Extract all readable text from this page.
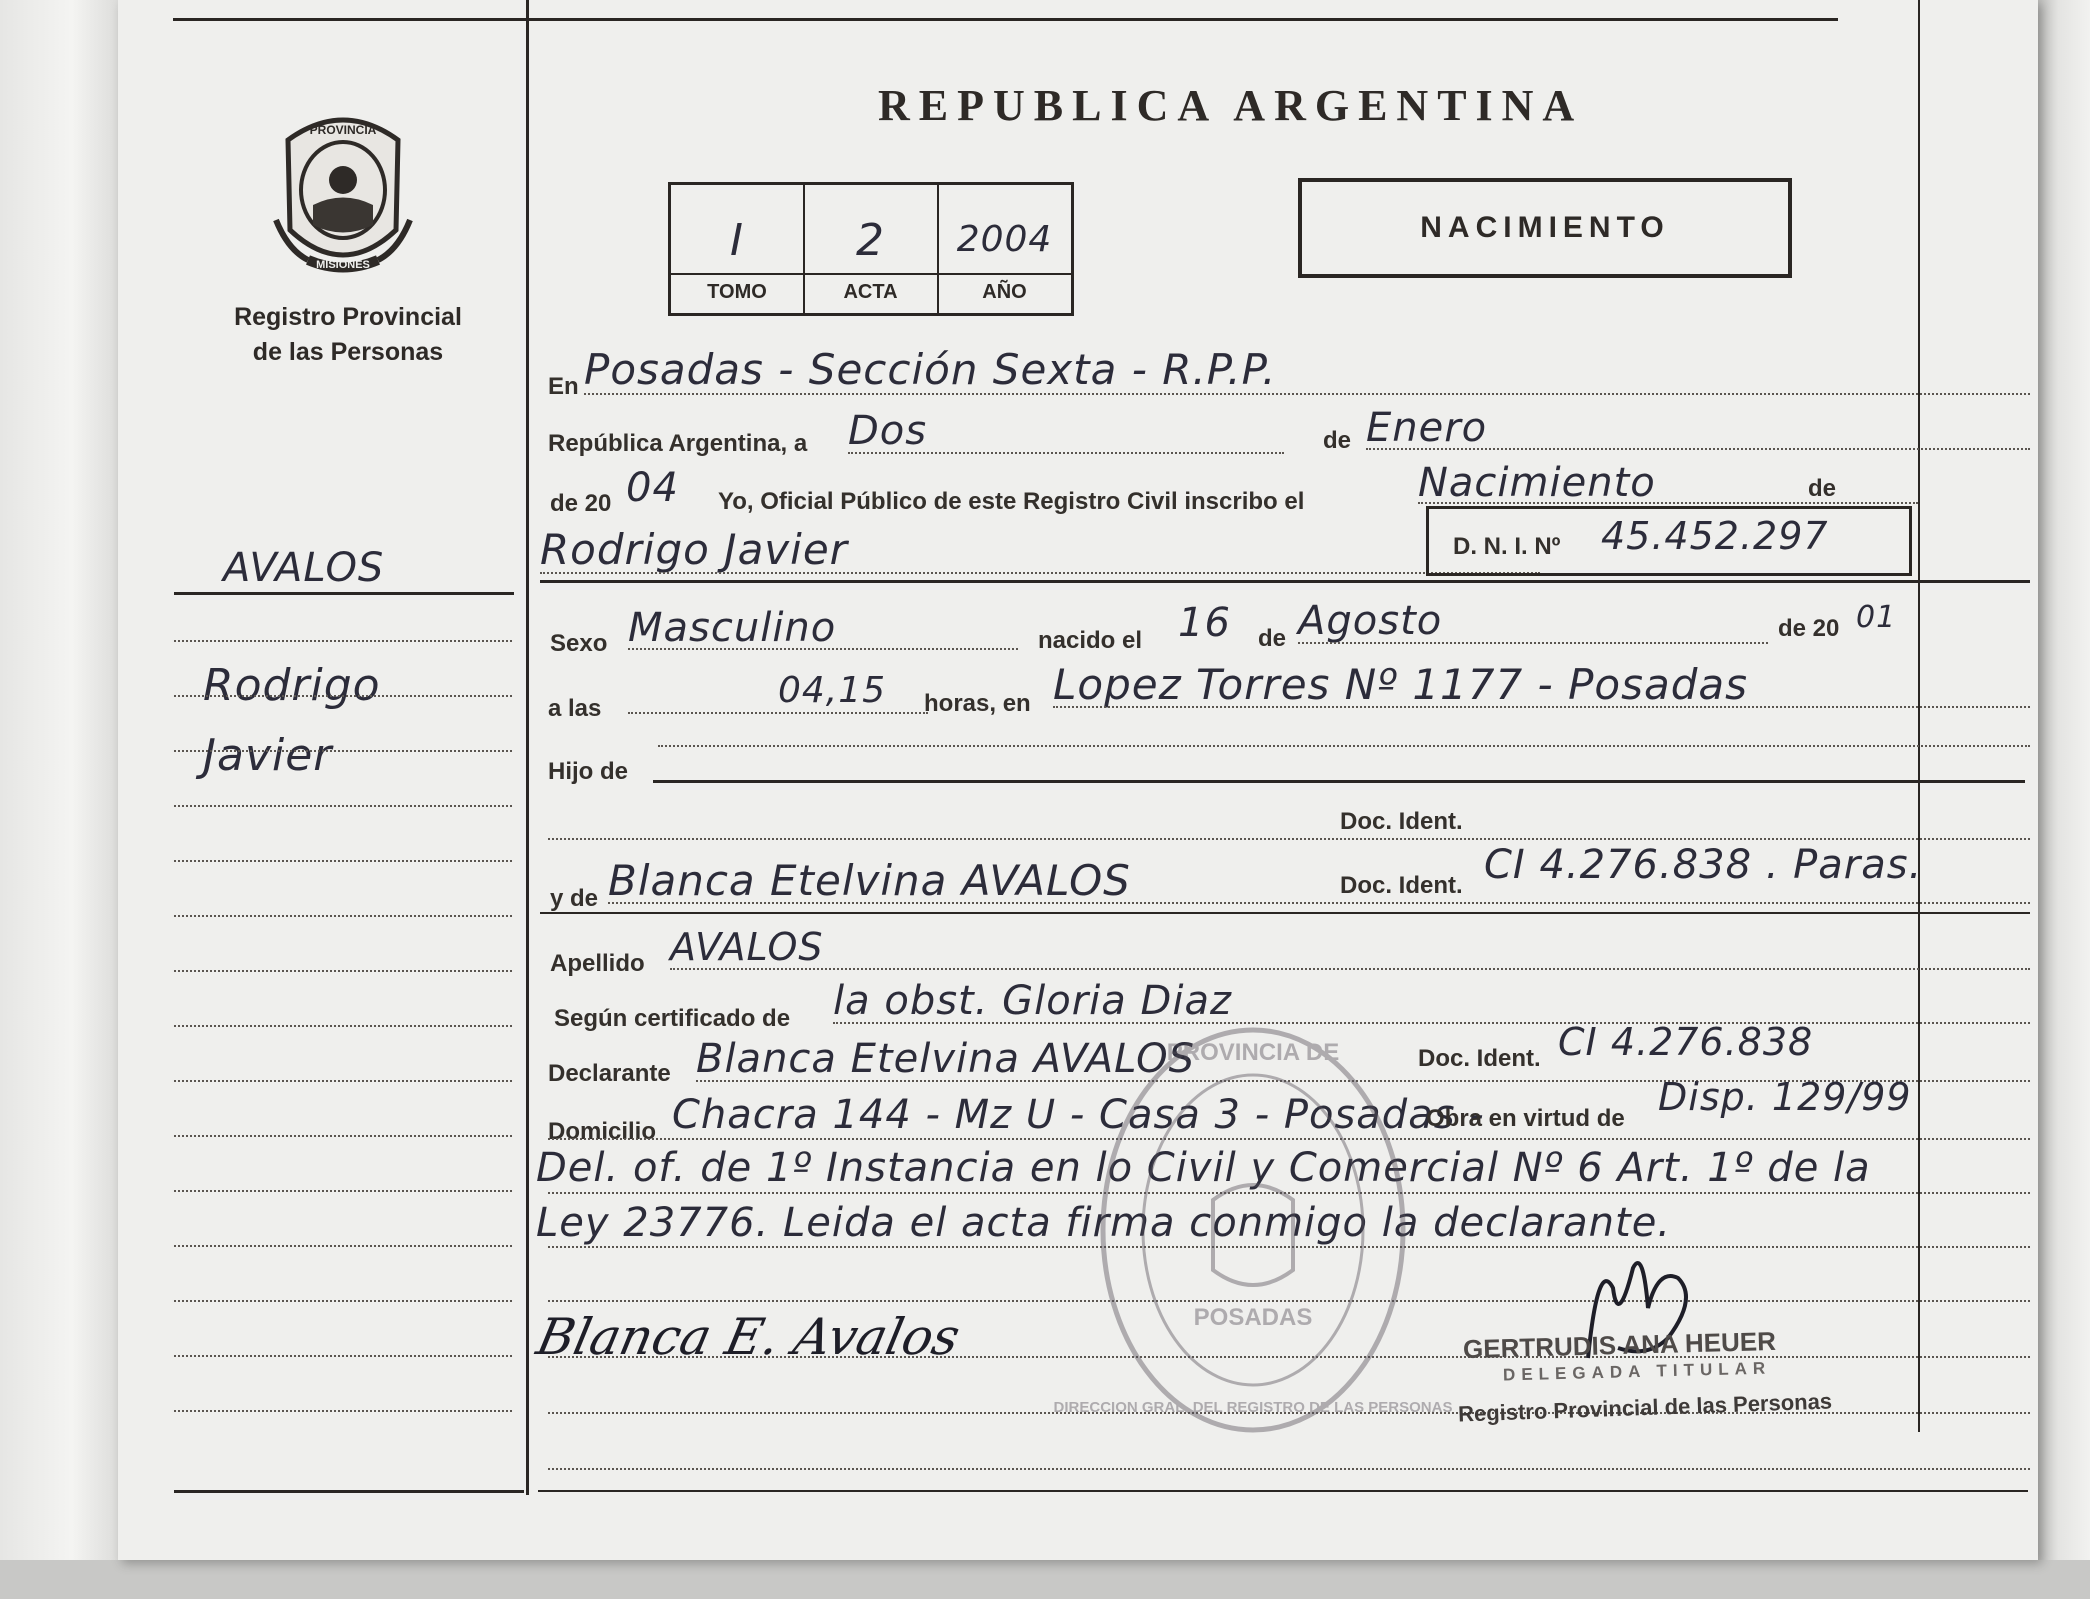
PROVINCIA
MISIONES
Registro Provincial
de las Personas
AVALOS
Rodrigo
Javier
REPUBLICA ARGENTINA
I	2	2004
TOMO	ACTA	AÑO
NACIMIENTO
En Posadas - Sección Sexta - R.P.P.
República Argentina, a Dos	de Enero
de 20 04 Yo, Oficial Público de este Registro Civil inscribo el	Nacimiento	de
Rodrigo Javier	D. N. I. Nº 45.452.297
Sexo Masculino	nacido el 16 de Agosto	de 20 01
a las	04,15 horas, en Lopez Torres Nº 1177 - Posadas
Hijo de
Doc. Ident.
y de Blanca Etelvina AVALOS	Doc. Ident. CI 4.276.838 . Paras.
Apellido AVALOS
Según certificado de la obst. Gloria Diaz
Declarante Blanca Etelvina AVALOS	Doc. Ident. CI 4.276.838
Domicilio Chacra 144 - Mz U - Casa 3 - Posadas -
Obra en virtud de Disp. 129/99
Del. of. de 1º Instancia en lo Civil y Comercial Nº 6 Art. 1º de la
Ley 23776. Leida el acta firma conmigo la declarante.
Blanca E. Avalos
PROVINCIA DE
POSADAS
DIRECCION GRAL. DEL REGISTRO DE LAS PERSONAS
GERTRUDIS ANA HEUER
DELEGADA TITULAR
Registro Provincial de las Personas
